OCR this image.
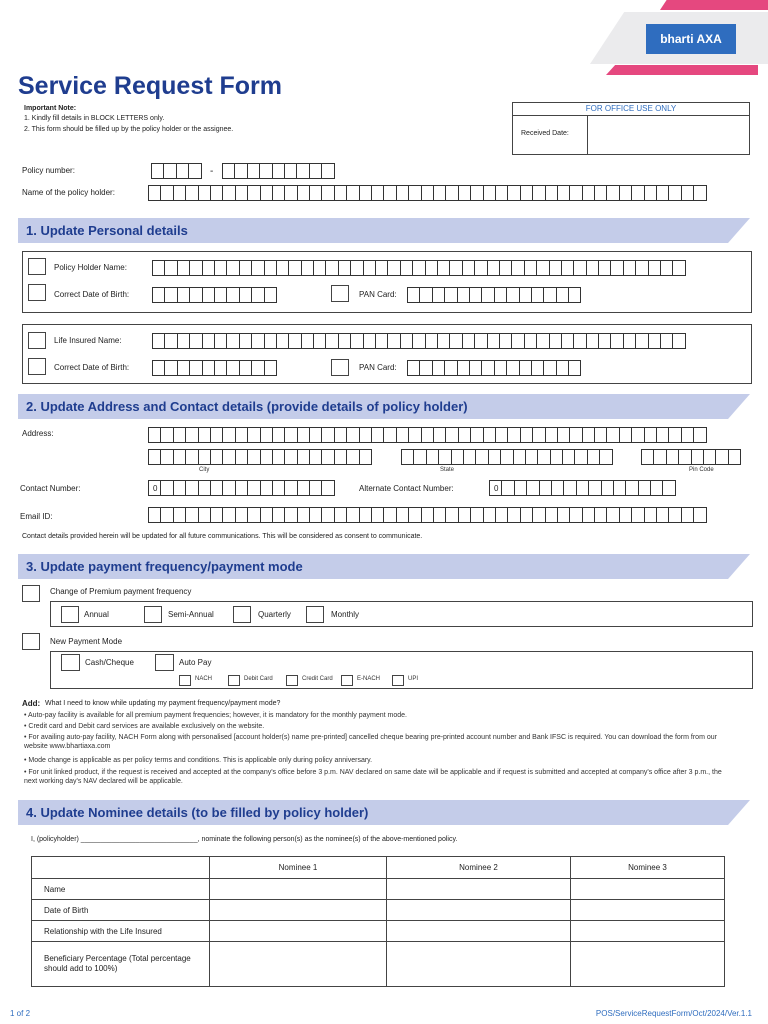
bharti AXA
Service Request Form
Important Note:
1. Kindly fill details in BLOCK LETTERS only.
2. This form should be filled up by the policy holder or the assignee.
FOR OFFICE USE ONLY
Received Date:
Policy number:	-
Name of the policy holder:
1. Update Personal details
Policy Holder Name:
Correct Date of Birth:	PAN Card:
Life Insured Name:
Correct Date of Birth:	PAN Card:
2. Update Address and Contact details (provide details of policy holder)
Address:
City	State	Pin Code
Contact Number:	0	Alternate Contact Number:	0
Email ID:
Contact details provided herein will be updated for all future communications. This will be considered as consent to communicate.
3. Update payment frequency/payment mode
Change of Premium payment frequency
Annual	Semi-Annual	Quarterly	Monthly
New Payment Mode
Cash/Cheque	Auto Pay
NACH	Debit Card	Credit Card	E-NACH	UPI
Add: What I need to know while updating my payment frequency/payment mode?
• Auto-pay facility is available for all premium payment frequencies; however, it is mandatory for the monthly payment mode.
• Credit card and Debit card services are available exclusively on the website.
• For availing auto-pay facility, NACH Form along with personalised [account holder(s) name pre-printed] cancelled cheque bearing pre-printed account number and Bank IFSC is required. You can download the form from our website www.bhartiaxa.com
• Mode change is applicable as per policy terms and conditions. This is applicable only during policy anniversary.
• For unit linked product, if the request is received and accepted at the company's office before 3 p.m. NAV declared on same date will be applicable and if request is submitted and accepted at company's office after 3 p.m., the next working day's NAV declared will be applicable.
4. Update Nominee details (to be filled by policy holder)
I, (policyholder) ______________________________, nominate the following person(s) as the nominee(s) of the above-mentioned policy.
	Nominee 1	Nominee 2	Nominee 3
Name			
Date of Birth			
Relationship with the Life Insured			
Beneficiary Percentage (Total percentage should add to 100%)			
1 of 2	POS/ServiceRequestForm/Oct/2024/Ver.1.1
